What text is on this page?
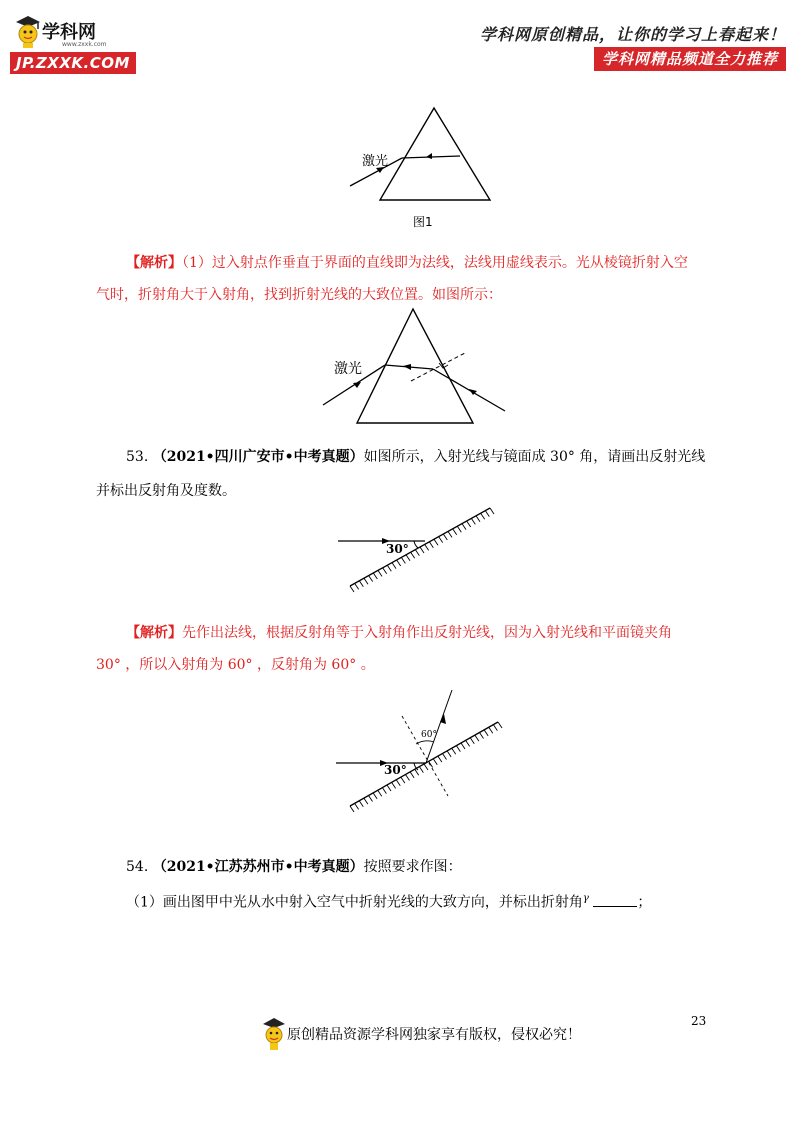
学科网
www.zxxk.com
JP.ZXXK.COM
学科网原创精品，让你的学习上春起来！
学科网精品频道全力推荐
激光
图1
【解析】（1）过入射点作垂直于界面的直线即为法线，法线用虚线表示。光从棱镜折射入空
气时，折射角大于入射角，找到折射光线的大致位置。如图所示：
激光
53. （2021•四川广安市•中考真题）如图所示，入射光线与镜面成 30° 角，请画出反射光线
并标出反射角及度数。
30°
【解析】先作出法线，根据反射角等于入射角作出反射光线，因为入射光线和平面镜夹角
30° ，所以入射角为 60° ，反射角为 60° 。
30°
60°
54. （2021•江苏苏州市•中考真题）按照要求作图：
（1）画出图甲中光从水中射入空气中折射光线的大致方向，并标出折射角$^\gamma$	；
23
原创精品资源学科网独家享有版权，侵权必究！
